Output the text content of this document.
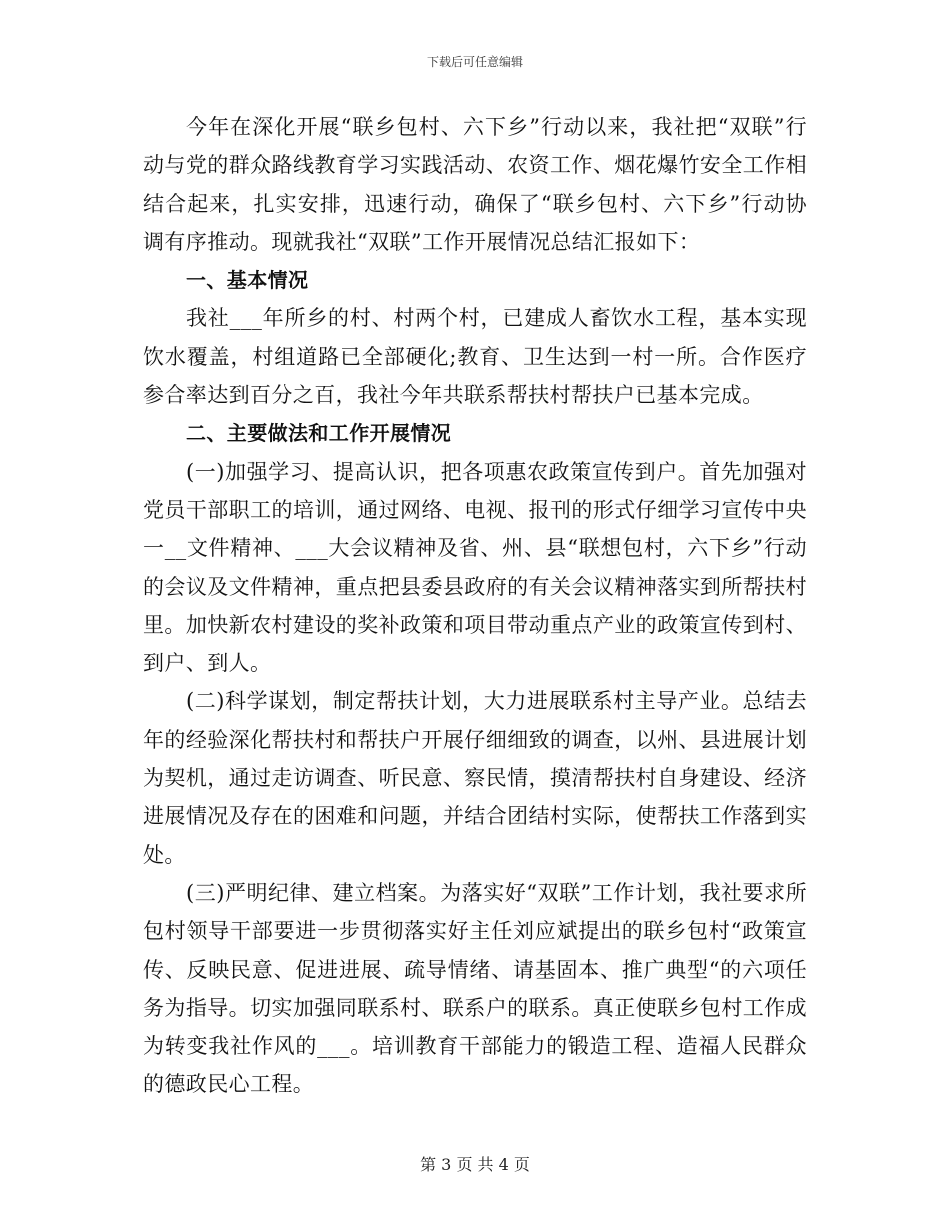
下载后可任意编辑

今年在深化开展“联乡包村、六下乡”行动以来，我社把“双联”行动与党的群众路线教育学习实践活动、农资工作、烟花爆竹安全工作相结合起来，扎实安排，迅速行动，确保了“联乡包村、六下乡”行动协调有序推动。现就我社“双联”工作开展情况总结汇报如下：

一、基本情况

我社___年所乡的村、村两个村，已建成人畜饮水工程，基本实现饮水覆盖，村组道路已全部硬化;教育、卫生达到一村一所。合作医疗参合率达到百分之百，我社今年共联系帮扶村帮扶户已基本完成。

二、主要做法和工作开展情况

(一)加强学习、提高认识，把各项惠农政策宣传到户。首先加强对党员干部职工的培训，通过网络、电视、报刊的形式仔细学习宣传中央一__文件精神、___大会议精神及省、州、县“联想包村，六下乡”行动的会议及文件精神，重点把县委县政府的有关会议精神落实到所帮扶村里。加快新农村建设的奖补政策和项目带动重点产业的政策宣传到村、到户、到人。

(二)科学谋划，制定帮扶计划，大力进展联系村主导产业。总结去年的经验深化帮扶村和帮扶户开展仔细细致的调查，以州、县进展计划为契机，通过走访调查、听民意、察民情，摸清帮扶村自身建设、经济进展情况及存在的困难和问题，并结合团结村实际，使帮扶工作落到实处。

(三)严明纪律、建立档案。为落实好“双联”工作计划，我社要求所包村领导干部要进一步贯彻落实好主任刘应斌提出的联乡包村“政策宣传、反映民意、促进进展、疏导情绪、请基固本、推广典型“的六项任务为指导。切实加强同联系村、联系户的联系。真正使联乡包村工作成为转变我社作风的___。培训教育干部能力的锻造工程、造福人民群众的德政民心工程。

第 3 页 共 4 页
